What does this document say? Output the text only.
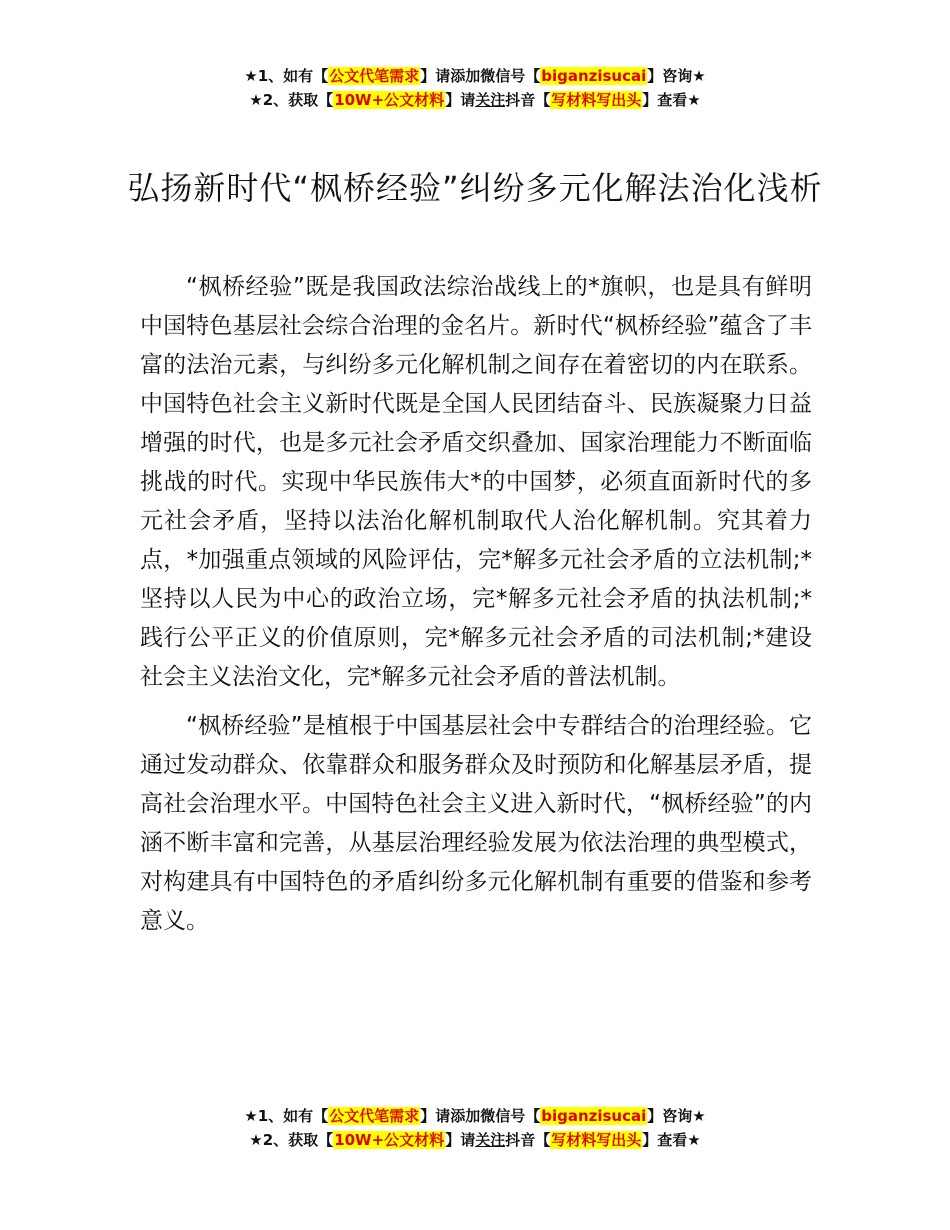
★1、如有【公文代笔需求】请添加微信号【biganzisucai】咨询★
★2、获取【10W+公文材料】请关注抖音【写材料写出头】查看★
弘扬新时代“枫桥经验”纠纷多元化解法治化浅析

“枫桥经验”既是我国政法综治战线上的*旗帜，也是具有鲜明中国特色基层社会综合治理的金名片。新时代“枫桥经验”蕴含了丰富的法治元素，与纠纷多元化解机制之间存在着密切的内在联系。中国特色社会主义新时代既是全国人民团结奋斗、民族凝聚力日益增强的时代，也是多元社会矛盾交织叠加、国家治理能力不断面临挑战的时代。实现中华民族伟大*的中国梦，必须直面新时代的多元社会矛盾，坚持以法治化解机制取代人治化解机制。究其着力点，*加强重点领域的风险评估，完*解多元社会矛盾的立法机制;*坚持以人民为中心的政治立场，完*解多元社会矛盾的执法机制;*践行公平正义的价值原则，完*解多元社会矛盾的司法机制;*建设社会主义法治文化，完*解多元社会矛盾的普法机制。

“枫桥经验”是植根于中国基层社会中专群结合的治理经验。它通过发动群众、依靠群众和服务群众及时预防和化解基层矛盾，提高社会治理水平。中国特色社会主义进入新时代，“枫桥经验”的内涵不断丰富和完善，从基层治理经验发展为依法治理的典型模式，对构建具有中国特色的矛盾纠纷多元化解机制有重要的借鉴和参考意义。

★1、如有【公文代笔需求】请添加微信号【biganzisucai】咨询★
★2、获取【10W+公文材料】请关注抖音【写材料写出头】查看★
